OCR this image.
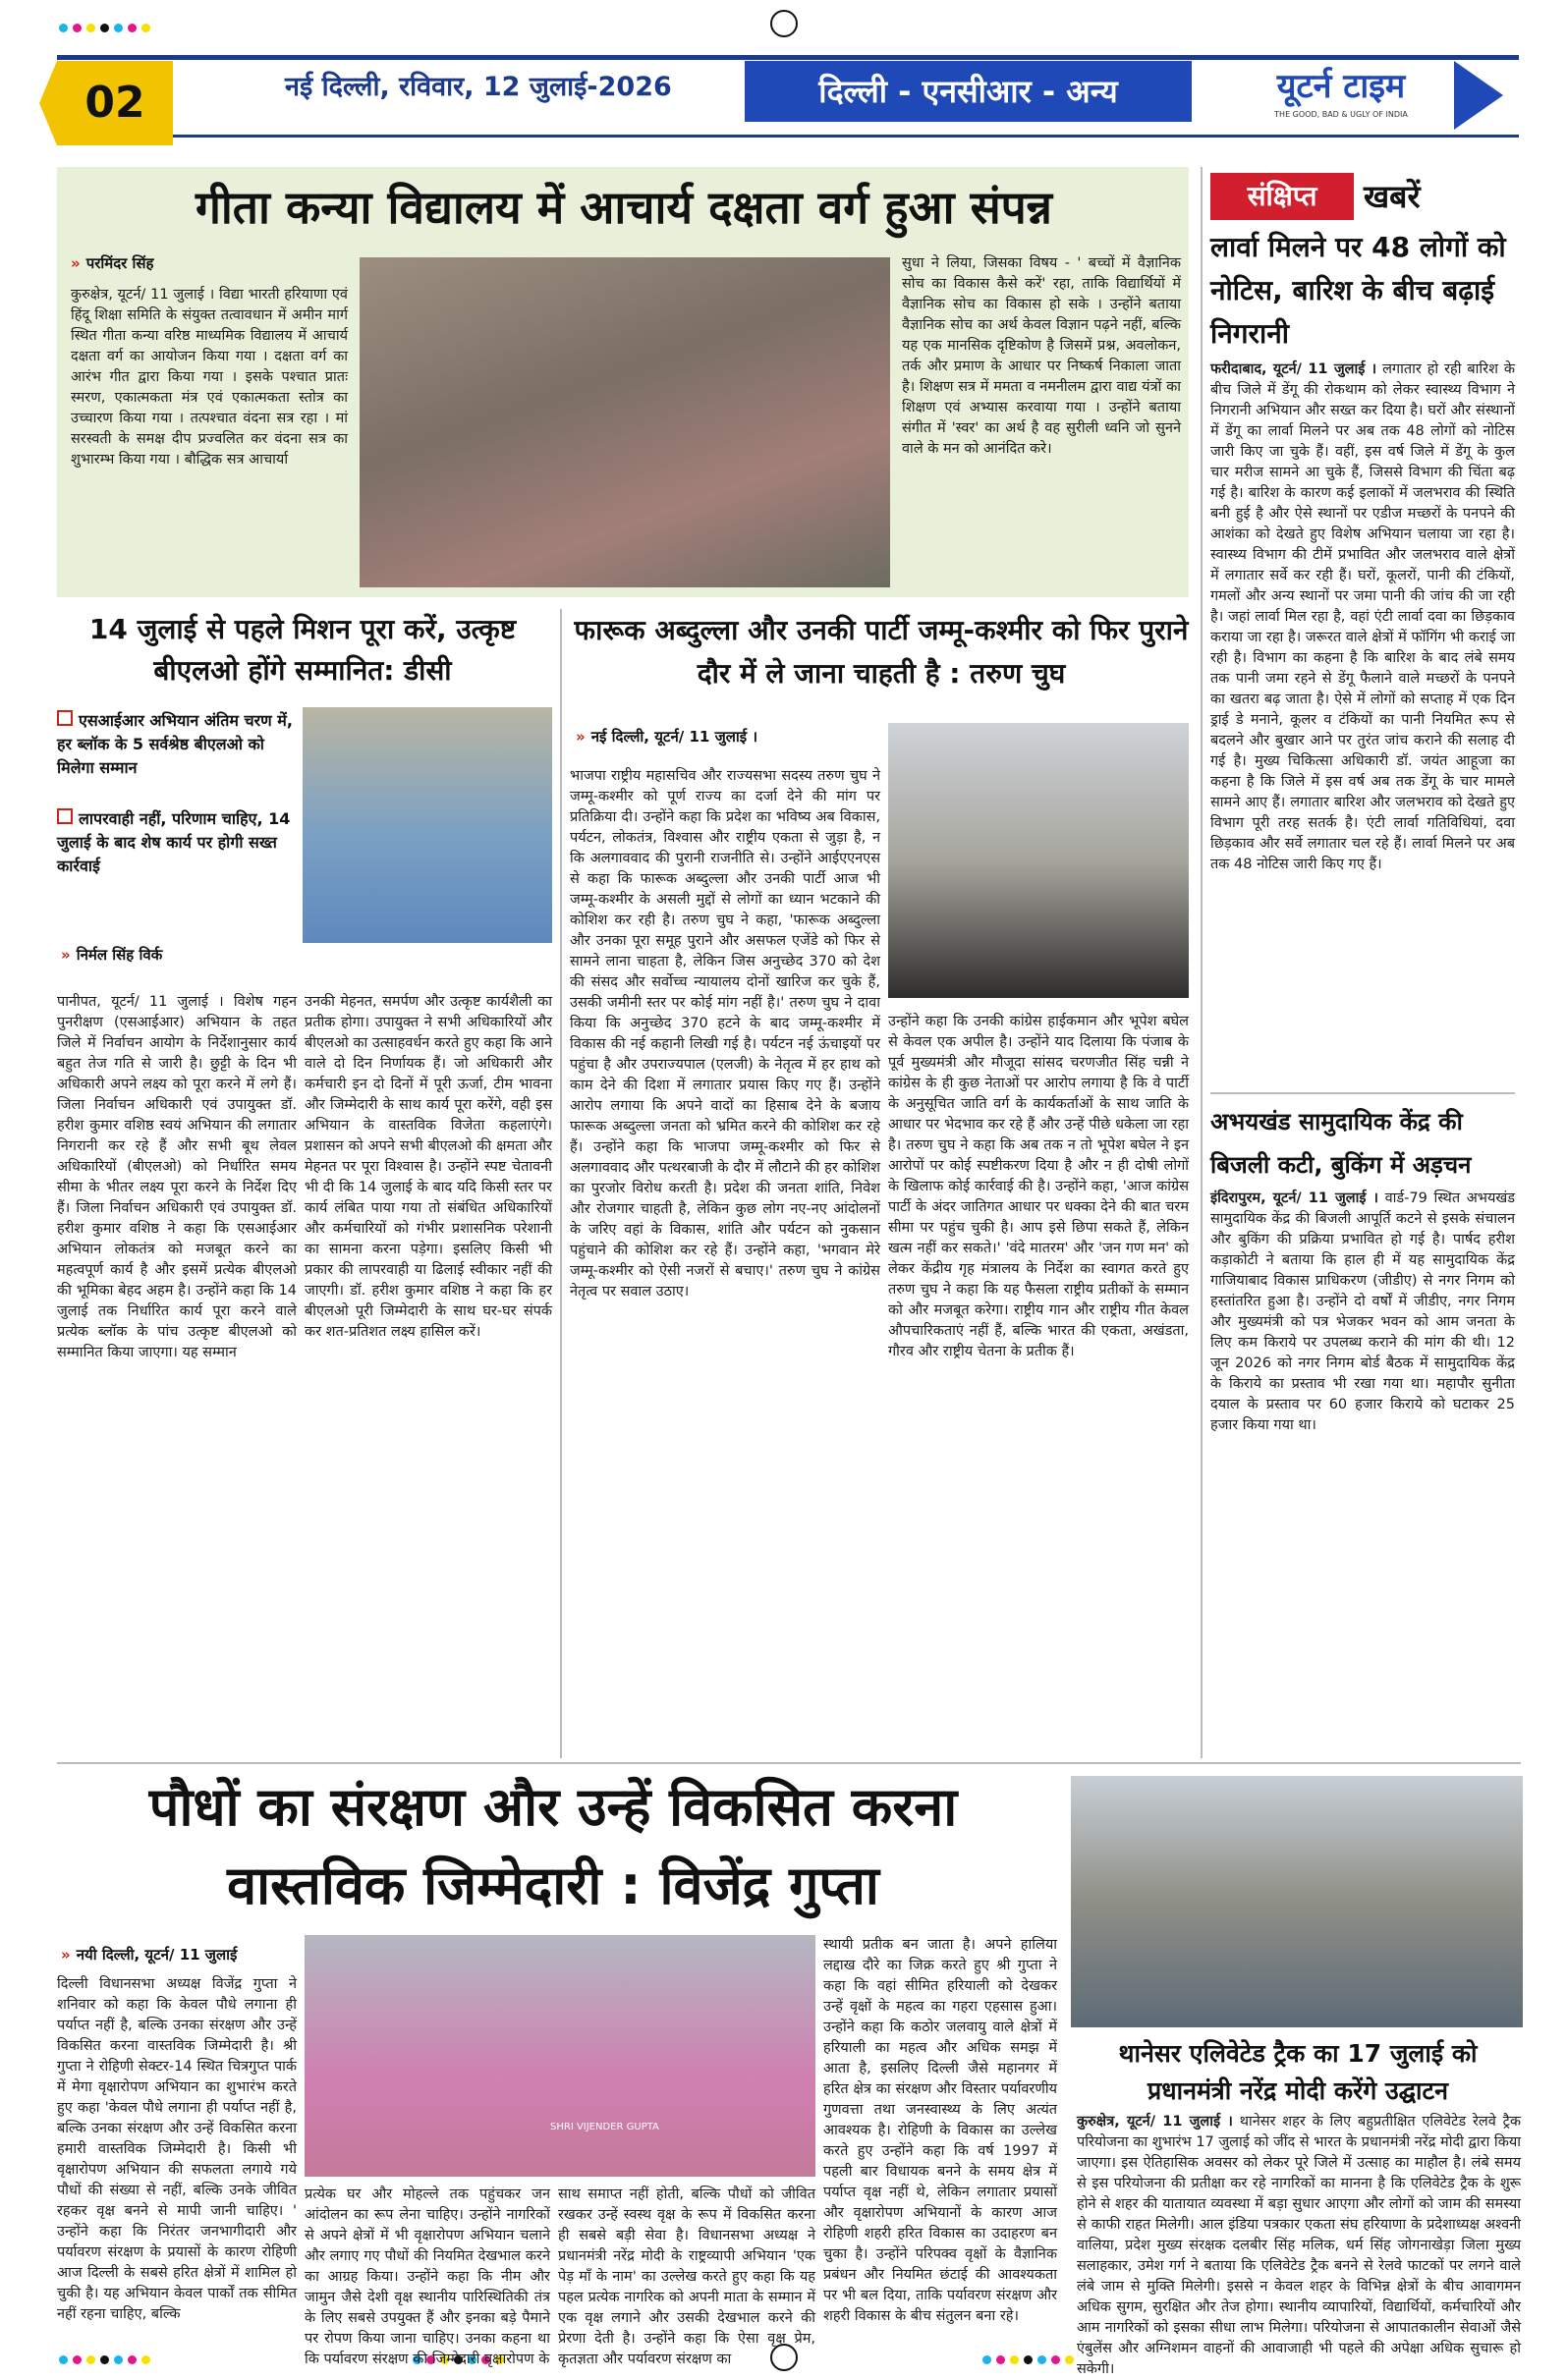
02	नई दिल्ली, रविवार, 12 जुलाई-2026	दिल्ली - एनसीआर - अन्य	यूटर्न टाइम
THE GOOD, BAD & UGLY OF INDIA
गीता कन्या विद्यालय में आचार्य दक्षता वर्ग हुआ संपन्न
» परमिंदर सिंह
कुरुक्षेत्र, यूटर्न/ 11 जुलाई । विद्या भारती हरियाणा एवं हिंदू शिक्षा समिति के संयुक्त तत्वावधान में अमीन मार्ग स्थित गीता कन्या वरिष्ठ माध्यमिक विद्यालय में आचार्य दक्षता वर्ग का आयोजन किया गया । दक्षता वर्ग का आरंभ गीत द्वारा किया गया । इसके पश्चात प्रातः स्मरण, एकात्मकता मंत्र एवं एकात्मकता स्तोत्र का उच्चारण किया गया । तत्पश्चात वंदना सत्र रहा । मां सरस्वती के समक्ष दीप प्रज्वलित कर वंदना सत्र का शुभारम्भ किया गया । बौद्धिक सत्र आचार्या
सुधा ने लिया, जिसका विषय - ' बच्चों में वैज्ञानिक सोच का विकास कैसे करें' रहा, ताकि विद्यार्थियों में वैज्ञानिक सोच का विकास हो सके । उन्होंने बताया वैज्ञानिक सोच का अर्थ केवल विज्ञान पढ़ने नहीं, बल्कि यह एक मानसिक दृष्टिकोण है जिसमें प्रश्न, अवलोकन, तर्क और प्रमाण के आधार पर निष्कर्ष निकाला जाता है। शिक्षण सत्र में ममता व नमनीलम द्वारा वाद्य यंत्रों का शिक्षण एवं अभ्यास करवाया गया । उन्होंने बताया संगीत में 'स्वर' का अर्थ है वह सुरीली ध्वनि जो सुनने वाले के मन को आनंदित करे।
संक्षिप्त	खबरें
लार्वा मिलने पर 48 लोगों को नोटिस, बारिश के बीच बढ़ाई निगरानी
फरीदाबाद, यूटर्न/ 11 जुलाई । लगातार हो रही बारिश के बीच जिले में डेंगू की रोकथाम को लेकर स्वास्थ्य विभाग ने निगरानी अभियान और सख्त कर दिया है। घरों और संस्थानों में डेंगू का लार्वा मिलने पर अब तक 48 लोगों को नोटिस जारी किए जा चुके हैं। वहीं, इस वर्ष जिले में डेंगू के कुल चार मरीज सामने आ चुके हैं, जिससे विभाग की चिंता बढ़ गई है। बारिश के कारण कई इलाकों में जलभराव की स्थिति बनी हुई है और ऐसे स्थानों पर एडीज मच्छरों के पनपने की आशंका को देखते हुए विशेष अभियान चलाया जा रहा है। स्वास्थ्य विभाग की टीमें प्रभावित और जलभराव वाले क्षेत्रों में लगातार सर्वे कर रही हैं। घरों, कूलरों, पानी की टंकियों, गमलों और अन्य स्थानों पर जमा पानी की जांच की जा रही है। जहां लार्वा मिल रहा है, वहां एंटी लार्वा दवा का छिड़काव कराया जा रहा है। जरूरत वाले क्षेत्रों में फॉगिंग भी कराई जा रही है। विभाग का कहना है कि बारिश के बाद लंबे समय तक पानी जमा रहने से डेंगू फैलाने वाले मच्छरों के पनपने का खतरा बढ़ जाता है। ऐसे में लोगों को सप्ताह में एक दिन ड्राई डे मनाने, कूलर व टंकियों का पानी नियमित रूप से बदलने और बुखार आने पर तुरंत जांच कराने की सलाह दी गई है। मुख्य चिकित्सा अधिकारी डॉ. जयंत आहूजा का कहना है कि जिले में इस वर्ष अब तक डेंगू के चार मामले सामने आए हैं। लगातार बारिश और जलभराव को देखते हुए विभाग पूरी तरह सतर्क है। एंटी लार्वा गतिविधियां, दवा छिड़काव और सर्वे लगातार चल रहे हैं। लार्वा मिलने पर अब तक 48 नोटिस जारी किए गए हैं।
अभयखंड सामुदायिक केंद्र की बिजली कटी, बुकिंग में अड़चन
इंदिरापुरम, यूटर्न/ 11 जुलाई । वार्ड-79 स्थित अभयखंड सामुदायिक केंद्र की बिजली आपूर्ति कटने से इसके संचालन और बुकिंग की प्रक्रिया प्रभावित हो गई है। पार्षद हरीश कड़ाकोटी ने बताया कि हाल ही में यह सामुदायिक केंद्र गाजियाबाद विकास प्राधिकरण (जीडीए) से नगर निगम को हस्तांतरित हुआ है। उन्होंने दो वर्षों में जीडीए, नगर निगम और मुख्यमंत्री को पत्र भेजकर भवन को आम जनता के लिए कम किराये पर उपलब्ध कराने की मांग की थी। 12 जून 2026 को नगर निगम बोर्ड बैठक में सामुदायिक केंद्र के किराये का प्रस्ताव भी रखा गया था। महापौर सुनीता दयाल के प्रस्ताव पर 60 हजार किराये को घटाकर 25 हजार किया गया था।
14 जुलाई से पहले मिशन पूरा करें, उत्कृष्ट बीएलओ होंगे सम्मानित: डीसी
एसआईआर अभियान अंतिम चरण में, हर ब्लॉक के 5 सर्वश्रेष्ठ बीएलओ को मिलेगा सम्मान
लापरवाही नहीं, परिणाम चाहिए, 14 जुलाई के बाद शेष कार्य पर होगी सख्त कार्रवाई
» निर्मल सिंह विर्क
पानीपत, यूटर्न/ 11 जुलाई । विशेष गहन पुनरीक्षण (एसआईआर) अभियान के तहत जिले में निर्वाचन आयोग के निर्देशानुसार कार्य बहुत तेज गति से जारी है। छुट्टी के दिन भी अधिकारी अपने लक्ष्य को पूरा करने में लगे हैं। जिला निर्वाचन अधिकारी एवं उपायुक्त डॉ. हरीश कुमार वशिष्ठ स्वयं अभियान की लगातार निगरानी कर रहे हैं और सभी बूथ लेवल अधिकारियों (बीएलओ) को निर्धारित समय सीमा के भीतर लक्ष्य पूरा करने के निर्देश दिए हैं। जिला निर्वाचन अधिकारी एवं उपायुक्त डॉ. हरीश कुमार वशिष्ठ ने कहा कि एसआईआर अभियान लोकतंत्र को मजबूत करने का महत्वपूर्ण कार्य है और इसमें प्रत्येक बीएलओ की भूमिका बेहद अहम है। उन्होंने कहा कि 14 जुलाई तक निर्धारित कार्य पूरा करने वाले प्रत्येक ब्लॉक के पांच उत्कृष्ट बीएलओ को सम्मानित किया जाएगा। यह सम्मान
उनकी मेहनत, समर्पण और उत्कृष्ट कार्यशैली का प्रतीक होगा। उपायुक्त ने सभी अधिकारियों और बीएलओ का उत्साहवर्धन करते हुए कहा कि आने वाले दो दिन निर्णायक हैं। जो अधिकारी और कर्मचारी इन दो दिनों में पूरी ऊर्जा, टीम भावना और जिम्मेदारी के साथ कार्य पूरा करेंगे, वही इस अभियान के वास्तविक विजेता कहलाएंगे। प्रशासन को अपने सभी बीएलओ की क्षमता और मेहनत पर पूरा विश्वास है। उन्होंने स्पष्ट चेतावनी भी दी कि 14 जुलाई के बाद यदि किसी स्तर पर कार्य लंबित पाया गया तो संबंधित अधिकारियों और कर्मचारियों को गंभीर प्रशासनिक परेशानी का सामना करना पड़ेगा। इसलिए किसी भी प्रकार की लापरवाही या ढिलाई स्वीकार नहीं की जाएगी। डॉ. हरीश कुमार वशिष्ठ ने कहा कि हर बीएलओ पूरी जिम्मेदारी के साथ घर-घर संपर्क कर शत-प्रतिशत लक्ष्य हासिल करें।
फारूक अब्दुल्ला और उनकी पार्टी जम्मू-कश्मीर को फिर पुराने दौर में ले जाना चाहती है : तरुण चुघ
» नई दिल्ली, यूटर्न/ 11 जुलाई ।
भाजपा राष्ट्रीय महासचिव और राज्यसभा सदस्य तरुण चुघ ने जम्मू-कश्मीर को पूर्ण राज्य का दर्जा देने की मांग पर प्रतिक्रिया दी। उन्होंने कहा कि प्रदेश का भविष्य अब विकास, पर्यटन, लोकतंत्र, विश्वास और राष्ट्रीय एकता से जुड़ा है, न कि अलगाववाद की पुरानी राजनीति से। उन्होंने आईएएनएस से कहा कि फारूक अब्दुल्ला और उनकी पार्टी आज भी जम्मू-कश्मीर के असली मुद्दों से लोगों का ध्यान भटकाने की कोशिश कर रही है। तरुण चुघ ने कहा, 'फारूक अब्दुल्ला और उनका पूरा समूह पुराने और असफल एजेंडे को फिर से सामने लाना चाहता है, लेकिन जिस अनुच्छेद 370 को देश की संसद और सर्वोच्च न्यायालय दोनों खारिज कर चुके हैं, उसकी जमीनी स्तर पर कोई मांग नहीं है।' तरुण चुघ ने दावा किया कि अनुच्छेद 370 हटने के बाद जम्मू-कश्मीर में विकास की नई कहानी लिखी गई है। पर्यटन नई ऊंचाइयों पर पहुंचा है और उपराज्यपाल (एलजी) के नेतृत्व में हर हाथ को काम देने की दिशा में लगातार प्रयास किए गए हैं। उन्होंने आरोप लगाया कि अपने वादों का हिसाब देने के बजाय फारूक अब्दुल्ला जनता को भ्रमित करने की कोशिश कर रहे हैं। उन्होंने कहा कि भाजपा जम्मू-कश्मीर को फिर से अलगाववाद और पत्थरबाजी के दौर में लौटाने की हर कोशिश का पुरजोर विरोध करती है। प्रदेश की जनता शांति, निवेश और रोजगार चाहती है, लेकिन कुछ लोग नए-नए आंदोलनों के जरिए वहां के विकास, शांति और पर्यटन को नुकसान पहुंचाने की कोशिश कर रहे हैं। उन्होंने कहा, 'भगवान मेरे जम्मू-कश्मीर को ऐसी नजरों से बचाए।' तरुण चुघ ने कांग्रेस नेतृत्व पर सवाल उठाए।
उन्होंने कहा कि उनकी कांग्रेस हाईकमान और भूपेश बघेल से केवल एक अपील है। उन्होंने याद दिलाया कि पंजाब के पूर्व मुख्यमंत्री और मौजूदा सांसद चरणजीत सिंह चन्नी ने कांग्रेस के ही कुछ नेताओं पर आरोप लगाया है कि वे पार्टी के अनुसूचित जाति वर्ग के कार्यकर्ताओं के साथ जाति के आधार पर भेदभाव कर रहे हैं और उन्हें पीछे धकेला जा रहा है। तरुण चुघ ने कहा कि अब तक न तो भूपेश बघेल ने इन आरोपों पर कोई स्पष्टीकरण दिया है और न ही दोषी लोगों के खिलाफ कोई कार्रवाई की है। उन्होंने कहा, 'आज कांग्रेस पार्टी के अंदर जातिगत आधार पर धक्का देने की बात चरम सीमा पर पहुंच चुकी है। आप इसे छिपा सकते हैं, लेकिन खत्म नहीं कर सकते।' 'वंदे मातरम' और 'जन गण मन' को लेकर केंद्रीय गृह मंत्रालय के निर्देश का स्वागत करते हुए तरुण चुघ ने कहा कि यह फैसला राष्ट्रीय प्रतीकों के सम्मान को और मजबूत करेगा। राष्ट्रीय गान और राष्ट्रीय गीत केवल औपचारिकताएं नहीं हैं, बल्कि भारत की एकता, अखंडता, गौरव और राष्ट्रीय चेतना के प्रतीक हैं।
पौधों का संरक्षण और उन्हें विकसित करना
वास्तविक जिम्मेदारी : विजेंद्र गुप्ता
» नयी दिल्ली, यूटर्न/ 11 जुलाई
दिल्ली विधानसभा अध्यक्ष विजेंद्र गुप्ता ने शनिवार को कहा कि केवल पौधे लगाना ही पर्याप्त नहीं है, बल्कि उनका संरक्षण और उन्हें विकसित करना वास्तविक जिम्मेदारी है। श्री गुप्ता ने रोहिणी सेक्टर-14 स्थित चित्रगुप्त पार्क में मेगा वृक्षारोपण अभियान का शुभारंभ करते हुए कहा 'केवल पौधे लगाना ही पर्याप्त नहीं है, बल्कि उनका संरक्षण और उन्हें विकसित करना हमारी वास्तविक जिम्मेदारी है। किसी भी वृक्षारोपण अभियान की सफलता लगाये गये पौधों की संख्या से नहीं, बल्कि उनके जीवित रहकर वृक्ष बनने से मापी जानी चाहिए। ' उन्होंने कहा कि निरंतर जनभागीदारी और पर्यावरण संरक्षण के प्रयासों के कारण रोहिणी आज दिल्ली के सबसे हरित क्षेत्रों में शामिल हो चुकी है। यह अभियान केवल पार्कों तक सीमित नहीं रहना चाहिए, बल्कि
SHRI VIJENDER GUPTA
प्रत्येक घर और मोहल्ले तक पहुंचकर जन आंदोलन का रूप लेना चाहिए। उन्होंने नागरिकों से अपने क्षेत्रों में भी वृक्षारोपण अभियान चलाने और लगाए गए पौधों की नियमित देखभाल करने का आग्रह किया। उन्होंने कहा कि नीम और जामुन जैसे देशी वृक्ष स्थानीय पारिस्थितिकी तंत्र के लिए सबसे उपयुक्त हैं और इनका बड़े पैमाने पर रोपण किया जाना चाहिए। उनका कहना था कि पर्यावरण संरक्षण की जिम्मेदारी वृक्षारोपण के
साथ समाप्त नहीं होती, बल्कि पौधों को जीवित रखकर उन्हें स्वस्थ वृक्ष के रूप में विकसित करना ही सबसे बड़ी सेवा है। विधानसभा अध्यक्ष ने प्रधानमंत्री नरेंद्र मोदी के राष्ट्रव्यापी अभियान 'एक पेड़ माँ के नाम' का उल्लेख करते हुए कहा कि यह पहल प्रत्येक नागरिक को अपनी माता के सम्मान में एक वृक्ष लगाने और उसकी देखभाल करने की प्रेरणा देती है। उन्होंने कहा कि ऐसा वृक्ष प्रेम, कृतज्ञता और पर्यावरण संरक्षण का
स्थायी प्रतीक बन जाता है। अपने हालिया लद्दाख दौरे का जिक्र करते हुए श्री गुप्ता ने कहा कि वहां सीमित हरियाली को देखकर उन्हें वृक्षों के महत्व का गहरा एहसास हुआ। उन्होंने कहा कि कठोर जलवायु वाले क्षेत्रों में हरियाली का महत्व और अधिक समझ में आता है, इसलिए दिल्ली जैसे महानगर में हरित क्षेत्र का संरक्षण और विस्तार पर्यावरणीय गुणवत्ता तथा जनस्वास्थ्य के लिए अत्यंत आवश्यक है। रोहिणी के विकास का उल्लेख करते हुए उन्होंने कहा कि वर्ष 1997 में पहली बार विधायक बनने के समय क्षेत्र में पर्याप्त वृक्ष नहीं थे, लेकिन लगातार प्रयासों और वृक्षारोपण अभियानों के कारण आज रोहिणी शहरी हरित विकास का उदाहरण बन चुका है। उन्होंने परिपक्व वृक्षों के वैज्ञानिक प्रबंधन और नियमित छंटाई की आवश्यकता पर भी बल दिया, ताकि पर्यावरण संरक्षण और शहरी विकास के बीच संतुलन बना रहे।
थानेसर एलिवेटेड ट्रैक का 17 जुलाई को प्रधानमंत्री नरेंद्र मोदी करेंगे उद्घाटन
कुरुक्षेत्र, यूटर्न/ 11 जुलाई । थानेसर शहर के लिए बहुप्रतीक्षित एलिवेटेड रेलवे ट्रैक परियोजना का शुभारंभ 17 जुलाई को जींद से भारत के प्रधानमंत्री नरेंद्र मोदी द्वारा किया जाएगा। इस ऐतिहासिक अवसर को लेकर पूरे जिले में उत्साह का माहौल है। लंबे समय से इस परियोजना की प्रतीक्षा कर रहे नागरिकों का मानना है कि एलिवेटेड ट्रैक के शुरू होने से शहर की यातायात व्यवस्था में बड़ा सुधार आएगा और लोगों को जाम की समस्या से काफी राहत मिलेगी। आल इंडिया पत्रकार एकता संघ हरियाणा के प्रदेशाध्यक्ष अश्वनी वालिया, प्रदेश मुख्य संरक्षक दलबीर सिंह मलिक, धर्म सिंह जोगनाखेड़ा जिला मुख्य सलाहकार, उमेश गर्ग ने बताया कि एलिवेटेड ट्रैक बनने से रेलवे फाटकों पर लगने वाले लंबे जाम से मुक्ति मिलेगी। इससे न केवल शहर के विभिन्न क्षेत्रों के बीच आवागमन अधिक सुगम, सुरक्षित और तेज होगा। स्थानीय व्यापारियों, विद्यार्थियों, कर्मचारियों और आम नागरिकों को इसका सीधा लाभ मिलेगा। परियोजना से आपातकालीन सेवाओं जैसे एंबुलेंस और अग्निशमन वाहनों की आवाजाही भी पहले की अपेक्षा अधिक सुचारू हो सकेगी।
